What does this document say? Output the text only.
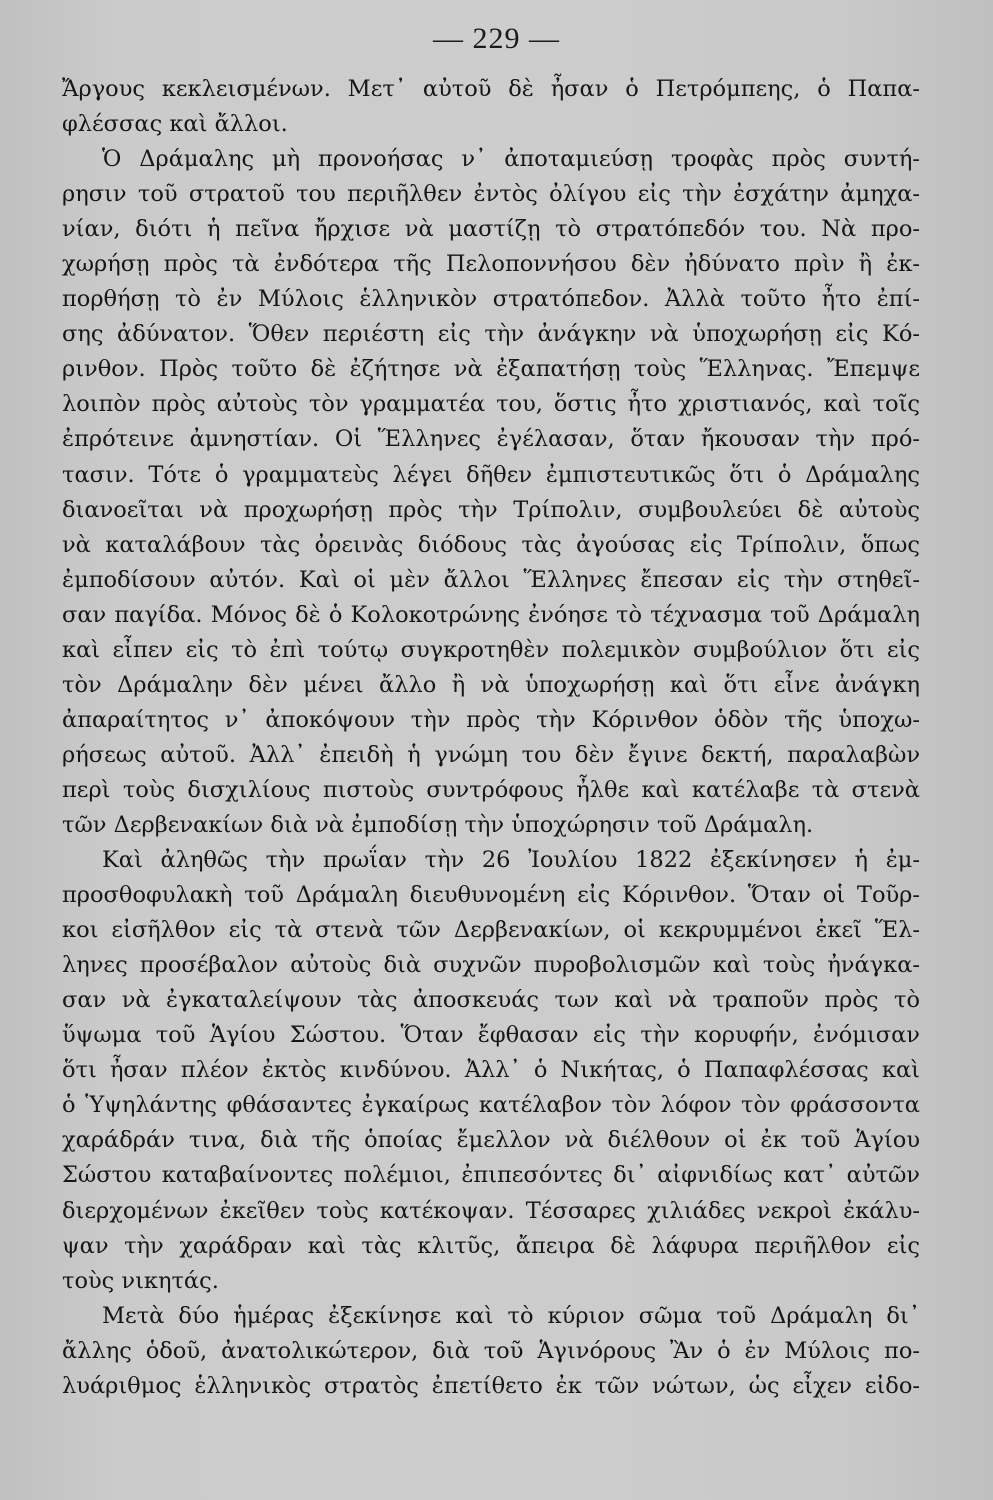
— 229 —
Ἄργους κεκλεισμένων. Μετ᾽ αὐτοῦ δὲ ἦσαν ὁ Πετρόμπεης, ὁ Παπα-
φλέσσας καὶ ἄλλοι.
Ὁ Δράμαλης μὴ προνοήσας ν᾽ ἀποταμιεύσῃ τροφὰς πρὸς συντή-
ρησιν τοῦ στρατοῦ του περιῆλθεν ἐντὸς ὀλίγου εἰς τὴν ἐσχάτην ἀμηχα-
νίαν, διότι ἡ πεῖνα ἤρχισε νὰ μαστίζῃ τὸ στρατόπεδόν του. Νὰ προ-
χωρήσῃ πρὸς τὰ ἐνδότερα τῆς Πελοποννήσου δὲν ἠδύνατο πρὶν ἢ ἐκ-
πορθήσῃ τὸ ἐν Μύλοις ἑλληνικὸν στρατόπεδον. Ἀλλὰ τοῦτο ἦτο ἐπί-
σης ἀδύνατον. Ὅθεν περιέστη εἰς τὴν ἀνάγκην νὰ ὑποχωρήσῃ εἰς Κό-
ρινθον. Πρὸς τοῦτο δὲ ἐζήτησε νὰ ἐξαπατήσῃ τοὺς Ἕλληνας. Ἔπεμψε
λοιπὸν πρὸς αὐτοὺς τὸν γραμματέα του, ὅστις ἦτο χριστιανός, καὶ τοῖς
ἐπρότεινε ἀμνηστίαν. Οἱ Ἕλληνες ἐγέλασαν, ὅταν ἤκουσαν τὴν πρό-
τασιν. Τότε ὁ γραμματεὺς λέγει δῆθεν ἐμπιστευτικῶς ὅτι ὁ Δράμαλης
διανοεῖται νὰ προχωρήσῃ πρὸς τὴν Τρίπολιν, συμβουλεύει δὲ αὐτοὺς
νὰ καταλάβουν τὰς ὀρεινὰς διόδους τὰς ἀγούσας εἰς Τρίπολιν, ὅπως
ἐμποδίσουν αὐτόν. Καὶ οἱ μὲν ἄλλοι Ἕλληνες ἔπεσαν εἰς τὴν στηθεῖ-
σαν παγίδα. Μόνος δὲ ὁ Κολοκοτρώνης ἐνόησε τὸ τέχνασμα τοῦ Δράμαλη
καὶ εἶπεν εἰς τὸ ἐπὶ τούτῳ συγκροτηθὲν πολεμικὸν συμβούλιον ὅτι εἰς
τὸν Δράμαλην δὲν μένει ἄλλο ἢ νὰ ὑποχωρήσῃ καὶ ὅτι εἶνε ἀνάγκη
ἀπαραίτητος ν᾽ ἀποκόψουν τὴν πρὸς τὴν Κόρινθον ὁδὸν τῆς ὑποχω-
ρήσεως αὐτοῦ. Ἀλλ᾽ ἐπειδὴ ἡ γνώμη του δὲν ἔγινε δεκτή, παραλαβὼν
περὶ τοὺς δισχιλίους πιστοὺς συντρόφους ἦλθε καὶ κατέλαβε τὰ στενὰ
τῶν Δερβενακίων διὰ νὰ ἐμποδίσῃ τὴν ὑποχώρησιν τοῦ Δράμαλη.
Καὶ ἀληθῶς τὴν πρωΐαν τὴν 26 Ἰουλίου 1822 ἐξεκίνησεν ἡ ἐμ-
προσθοφυλακὴ τοῦ Δράμαλη διευθυνομένη εἰς Κόρινθον. Ὅταν οἱ Τοῦρ-
κοι εἰσῆλθον εἰς τὰ στενὰ τῶν Δερβενακίων, οἱ κεκρυμμένοι ἐκεῖ Ἕλ-
ληνες προσέβαλον αὐτοὺς διὰ συχνῶν πυροβολισμῶν καὶ τοὺς ἠνάγκα-
σαν νὰ ἐγκαταλείψουν τὰς ἀποσκευάς των καὶ νὰ τραποῦν πρὸς τὸ
ὕψωμα τοῦ Ἁγίου Σώστου. Ὅταν ἔφθασαν εἰς τὴν κορυφήν, ἐνόμισαν
ὅτι ἦσαν πλέον ἐκτὸς κινδύνου. Ἀλλ᾽ ὁ Νικήτας, ὁ Παπαφλέσσας καὶ
ὁ Ὑψηλάντης φθάσαντες ἐγκαίρως κατέλαβον τὸν λόφον τὸν φράσσοντα
χαράδράν τινα, διὰ τῆς ὁποίας ἔμελλον νὰ διέλθουν οἱ ἐκ τοῦ Ἁγίου
Σώστου καταβαίνοντες πολέμιοι, ἐπιπεσόντες δι᾽ αἰφνιδίως κατ᾽ αὐτῶν
διερχομένων ἐκεῖθεν τοὺς κατέκοψαν. Τέσσαρες χιλιάδες νεκροὶ ἐκάλυ-
ψαν τὴν χαράδραν καὶ τὰς κλιτῦς, ἄπειρα δὲ λάφυρα περιῆλθον εἰς
τοὺς νικητάς.
Μετὰ δύο ἡμέρας ἐξεκίνησε καὶ τὸ κύριον σῶμα τοῦ Δράμαλη δι᾽
ἄλλης ὁδοῦ, ἀνατολικώτερον, διὰ τοῦ Ἁγινόρους Ἂν ὁ ἐν Μύλοις πο-
λυάριθμος ἑλληνικὸς στρατὸς ἐπετίθετο ἐκ τῶν νώτων, ὡς εἶχεν εἰδο-
